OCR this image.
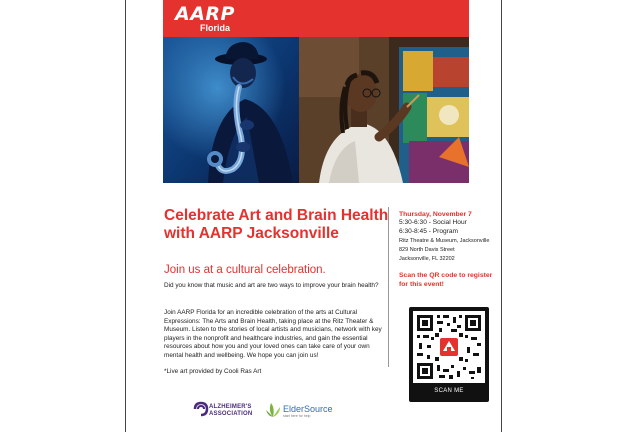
AARP
Florida
Celebrate Art and Brain Health with AARP Jacksonville
Join us at a cultural celebration.
Did you know that music and art are two ways to improve your brain health?
Join AARP Florida for an incredible celebration of the arts at Cultural Expressions: The Arts and Brain Health, taking place at the Ritz Theater & Museum. Listen to the stories of local artists and musicians, network with key players in the nonprofit and healthcare industries, and gain the essential resources about how you and your loved ones can take care of your own mental health and wellbeing. We hope you can join us!
*Live art provided by Cooli Ras Art
Thursday, November 7
5:30-6:30 - Social Hour
6:30-8:45 - Program
Ritz Theatre & Museum, Jacksonville
829 North Davis Street
Jacksonville, FL 32202
Scan the QR code to register for this event!
SCAN ME
ALZHEIMER'S
ASSOCIATION	ElderSource
start here for help
